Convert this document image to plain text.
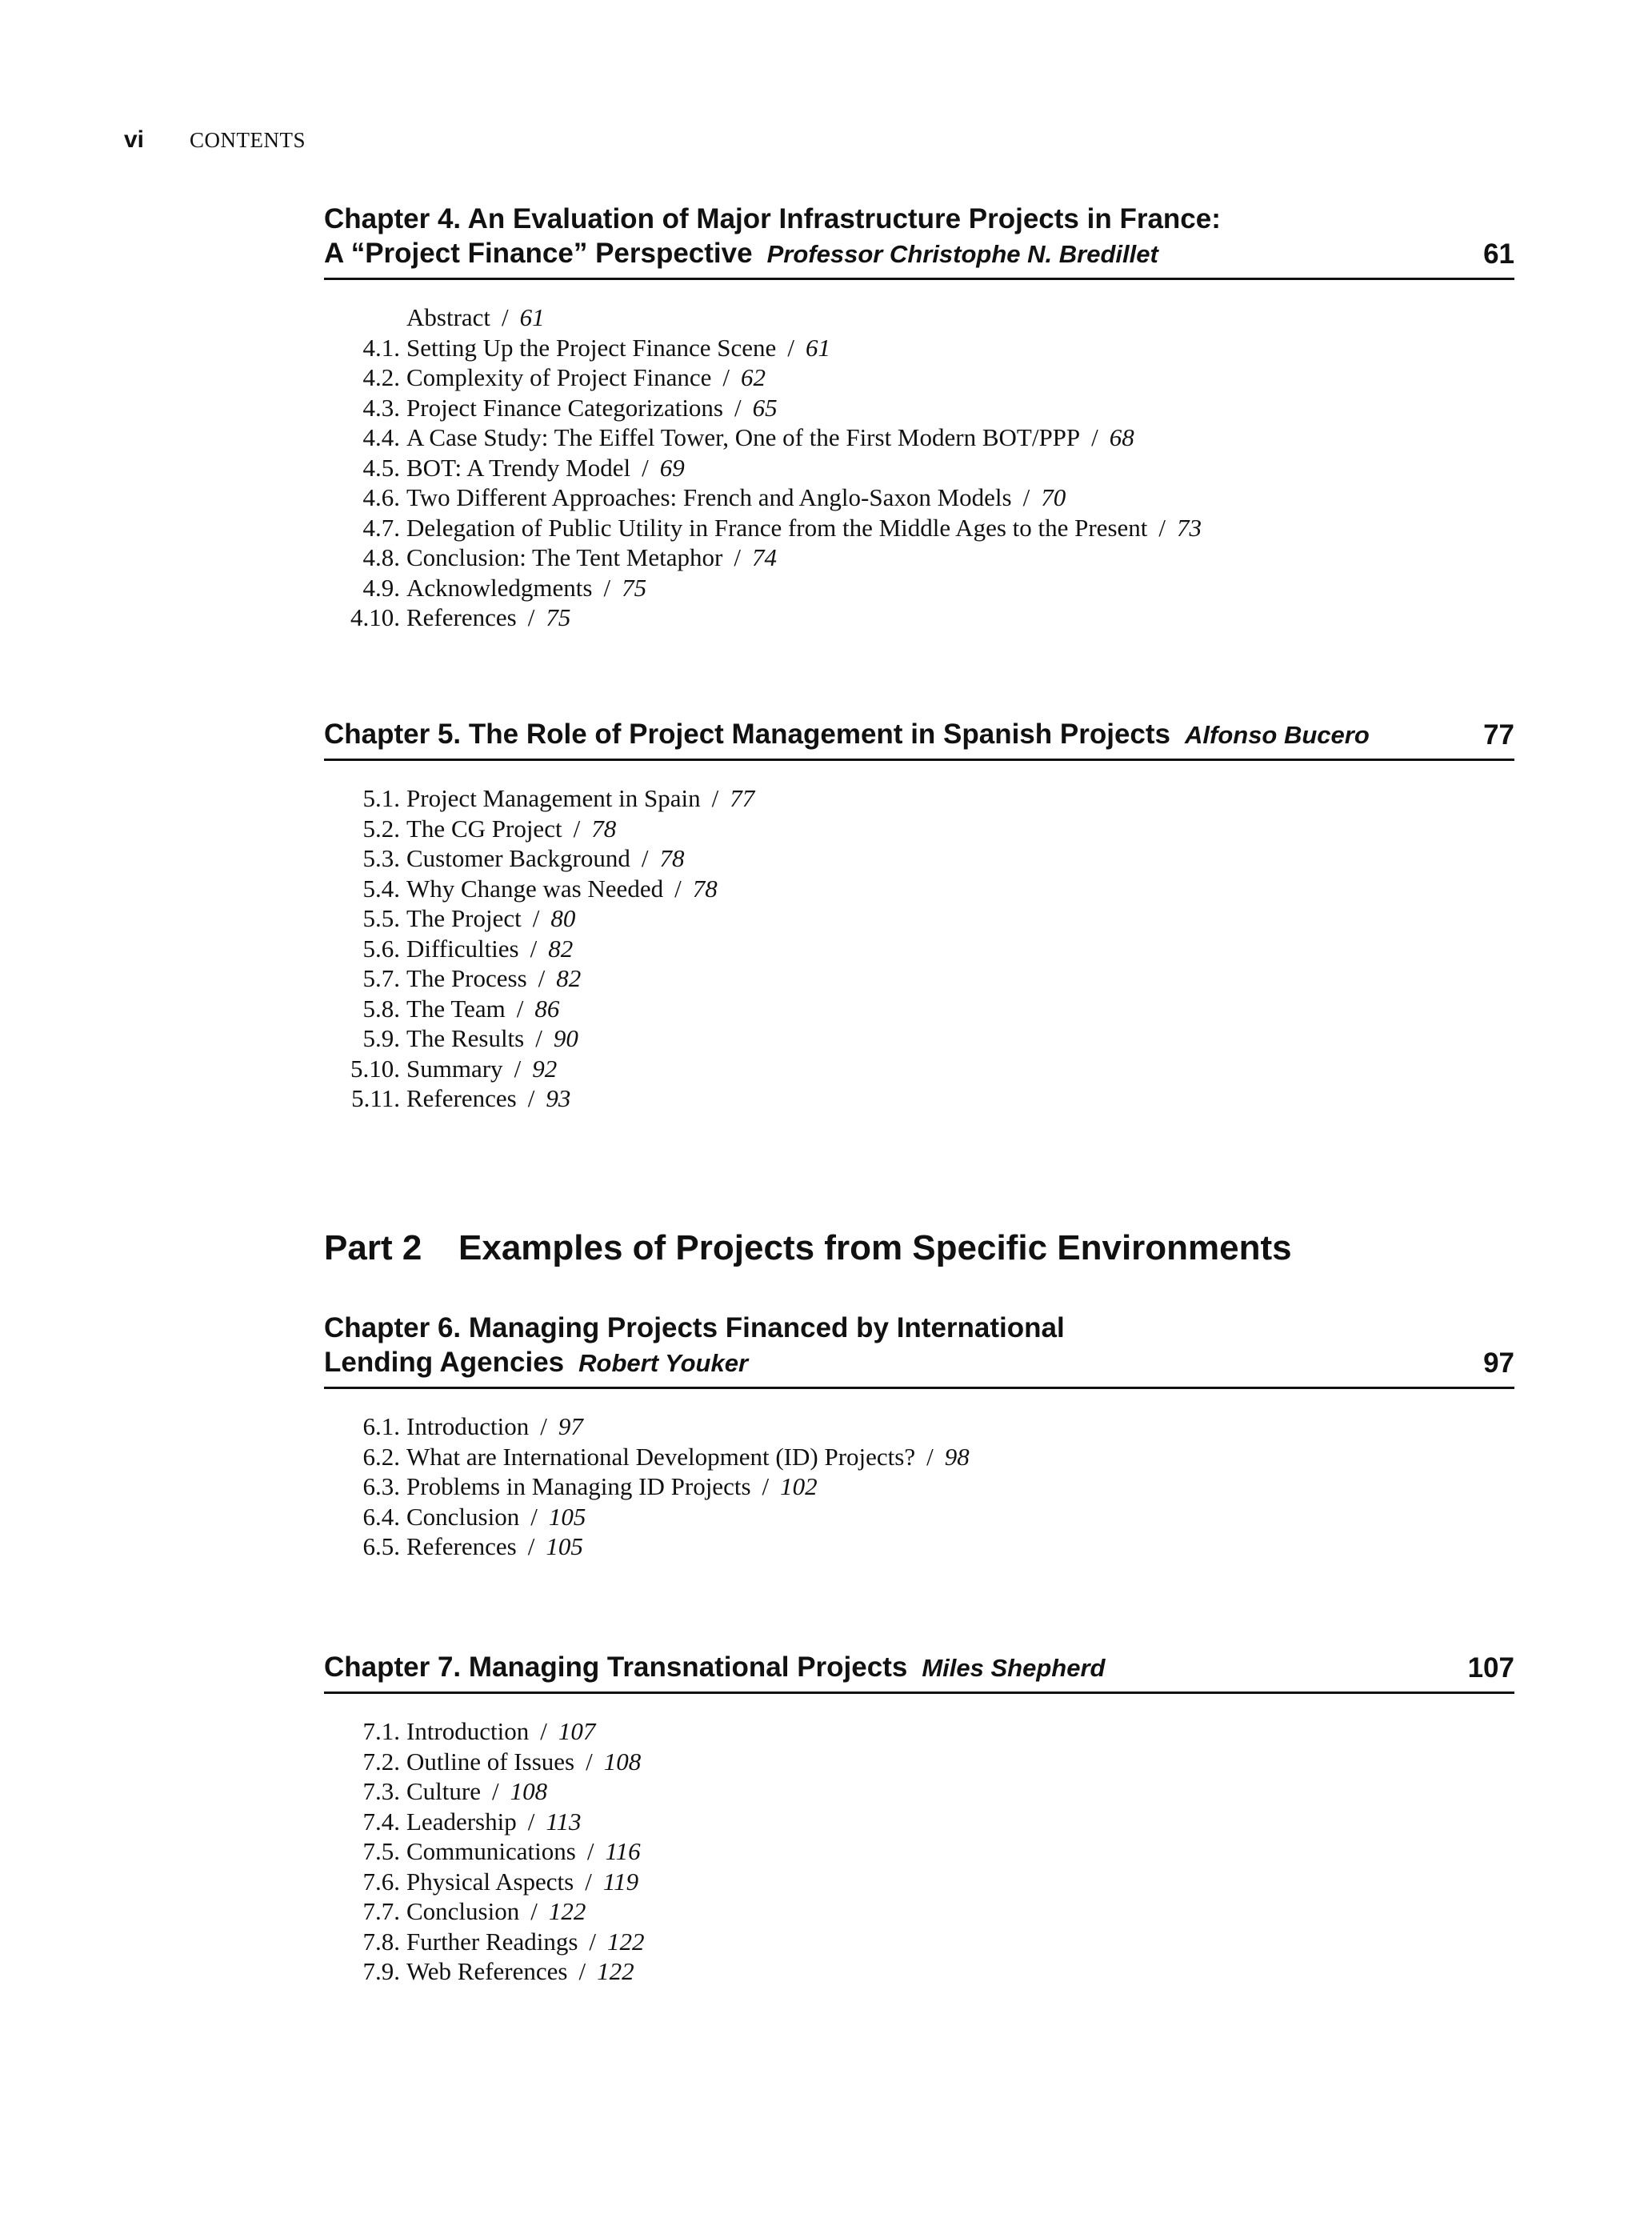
vi	CONTENTS
Chapter 4. An Evaluation of Major Infrastructure Projects in France:
A “Project Finance” Perspective Professor Christophe N. Bredillet	61
Abstract / 61
4.1. Setting Up the Project Finance Scene / 61
4.2. Complexity of Project Finance / 62
4.3. Project Finance Categorizations / 65
4.4. A Case Study: The Eiffel Tower, One of the First Modern BOT/PPP / 68
4.5. BOT: A Trendy Model / 69
4.6. Two Different Approaches: French and Anglo-Saxon Models / 70
4.7. Delegation of Public Utility in France from the Middle Ages to the Present / 73
4.8. Conclusion: The Tent Metaphor / 74
4.9. Acknowledgments / 75
4.10. References / 75
Chapter 5. The Role of Project Management in Spanish Projects Alfonso Bucero	77
5.1. Project Management in Spain / 77
5.2. The CG Project / 78
5.3. Customer Background / 78
5.4. Why Change was Needed / 78
5.5. The Project / 80
5.6. Difficulties / 82
5.7. The Process / 82
5.8. The Team / 86
5.9. The Results / 90
5.10. Summary / 92
5.11. References / 93
Part 2	Examples of Projects from Specific Environments
Chapter 6. Managing Projects Financed by International
Lending Agencies Robert Youker	97
6.1. Introduction / 97
6.2. What are International Development (ID) Projects? / 98
6.3. Problems in Managing ID Projects / 102
6.4. Conclusion / 105
6.5. References / 105
Chapter 7. Managing Transnational Projects Miles Shepherd	107
7.1. Introduction / 107
7.2. Outline of Issues / 108
7.3. Culture / 108
7.4. Leadership / 113
7.5. Communications / 116
7.6. Physical Aspects / 119
7.7. Conclusion / 122
7.8. Further Readings / 122
7.9. Web References / 122
